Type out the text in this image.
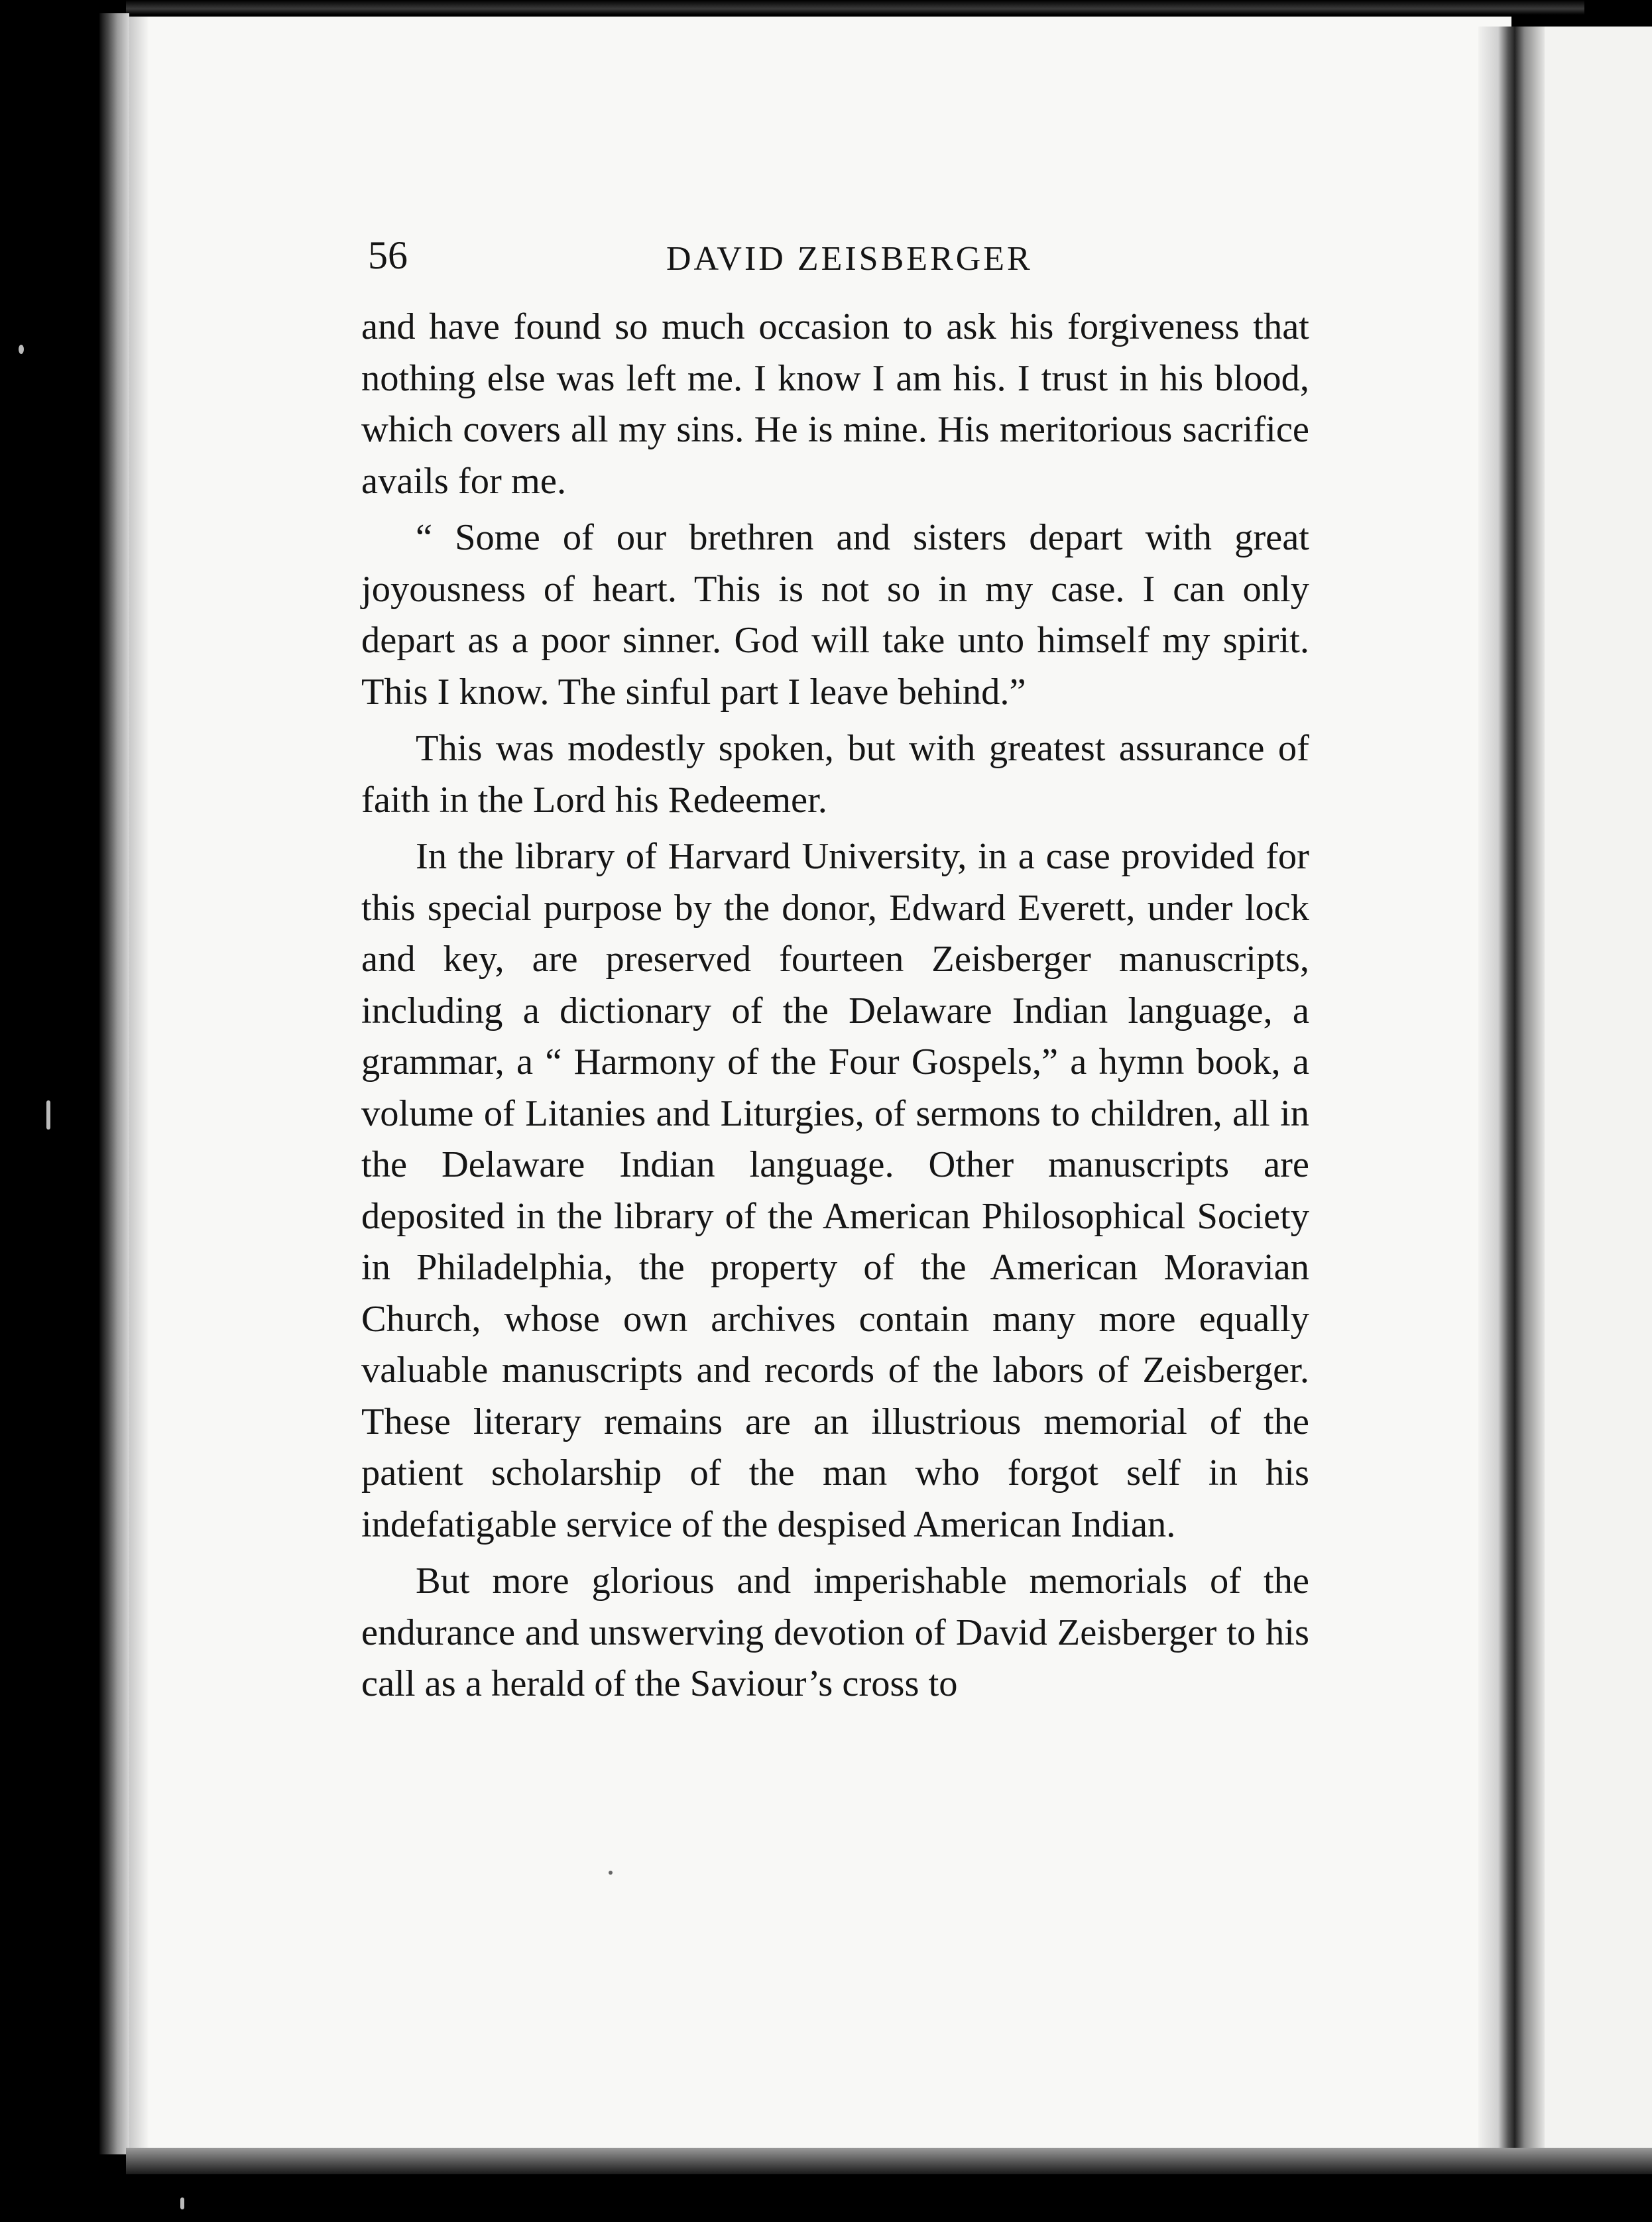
56	DAVID ZEISBERGER

and have found so much occasion to ask his forgiveness that nothing else was left me. I know I am his. I trust in his blood, which covers all my sins. He is mine. His meritorious sacrifice avails for me.

“ Some of our brethren and sisters depart with great joyousness of heart. This is not so in my case. I can only depart as a poor sinner. God will take unto himself my spirit. This I know. The sinful part I leave behind.”

This was modestly spoken, but with greatest assurance of faith in the Lord his Redeemer.

In the library of Harvard University, in a case provided for this special purpose by the donor, Edward Everett, under lock and key, are preserved fourteen Zeisberger manuscripts, including a dictionary of the Delaware Indian language, a grammar, a “ Harmony of the Four Gospels,” a hymn book, a volume of Litanies and Liturgies, of sermons to children, all in the Delaware Indian language. Other manuscripts are deposited in the library of the American Philosophical Society in Philadelphia, the property of the American Moravian Church, whose own archives contain many more equally valuable manuscripts and records of the labors of Zeisberger. These literary remains are an illustrious memorial of the patient scholarship of the man who forgot self in his indefatigable service of the despised American Indian.

But more glorious and imperishable memorials of the endurance and unswerving devotion of David Zeisberger to his call as a herald of the Saviour’s cross to
